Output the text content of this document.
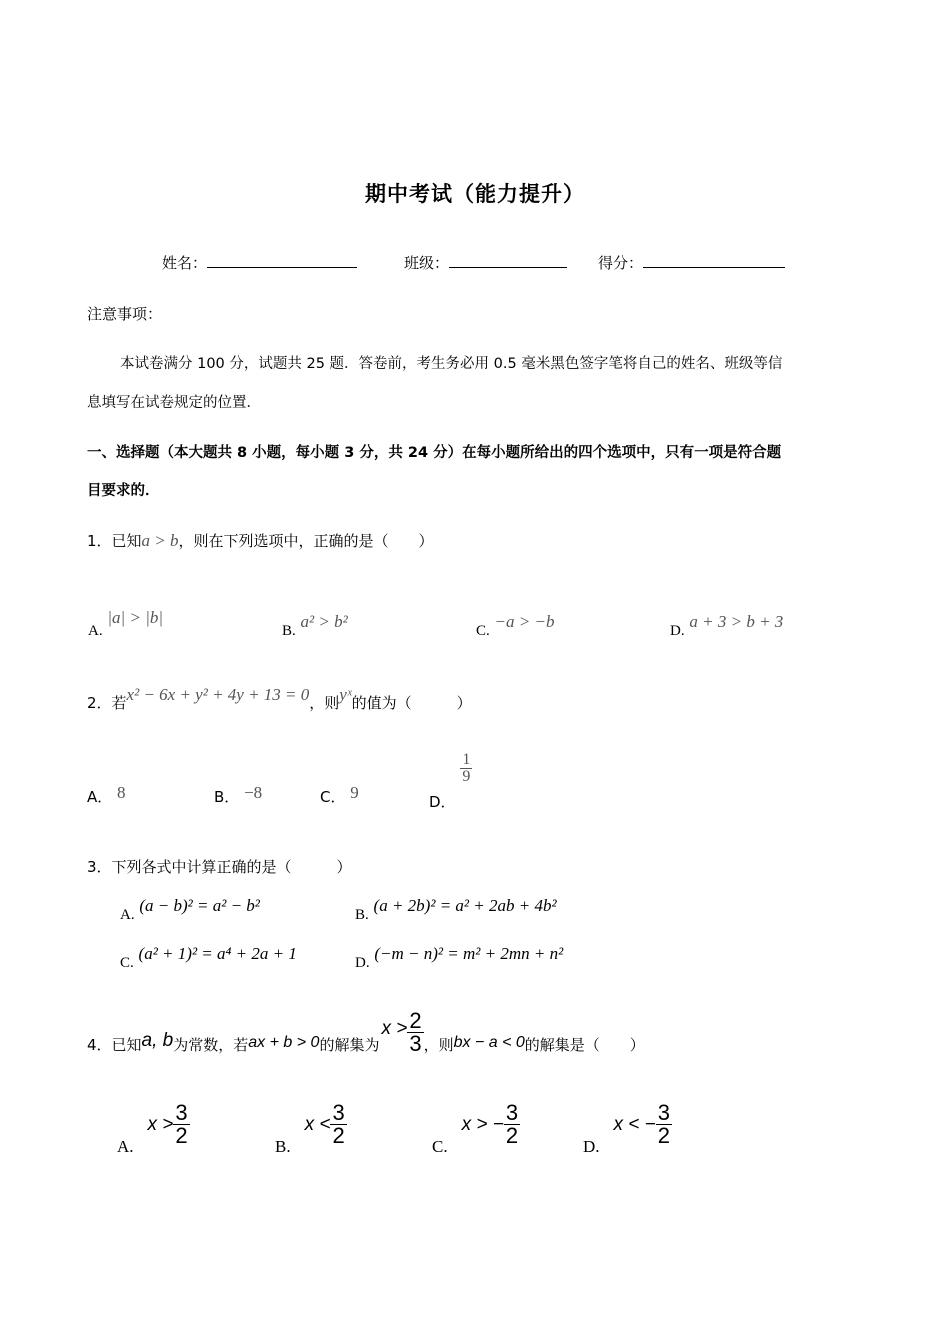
期中考试（能力提升）
姓名：	班级：	得分：
注意事项：
本试卷满分 100 分，试题共 25 题．答卷前，考生务必用 0.5 毫米黑色签字笔将自己的姓名、班级等信
息填写在试卷规定的位置．
一、选择题（本大题共 8 小题，每小题 3 分，共 24 分）在每小题所给出的四个选项中，只有一项是符合题
目要求的．
1．已知a > b，则在下列选项中，正确的是（　　）
A. |a| > |b|
B. a² > b²	C. −a > −b	D. a + 3 > b + 3
2．若x² − 6x + y² + 4y + 13 = 0，则yˣ的值为（　　　）
A． 8	B． −8	C． 9	D．
$\frac{1}{9}$
3．下列各式中计算正确的是（　　　）
A. (a − b)² = a² − b²	B. (a + 2b)² = a² + 2ab + 4b²
C. (a² + 1)² = a⁴ + 2a + 1	D. (−m − n)² = m² + 2mn + n²
4．已知 a, b 为常数，若 ax + b > 0 的解集为
$x > \frac{2}{3}$ ，则 bx − a < 0 的解集是（　　）
A.
$x > \frac{3}{2}$	B.
$x < \frac{3}{2}$	C.
x > − $\frac{3}{2}$	D.
x < − $\frac{3}{2}$
